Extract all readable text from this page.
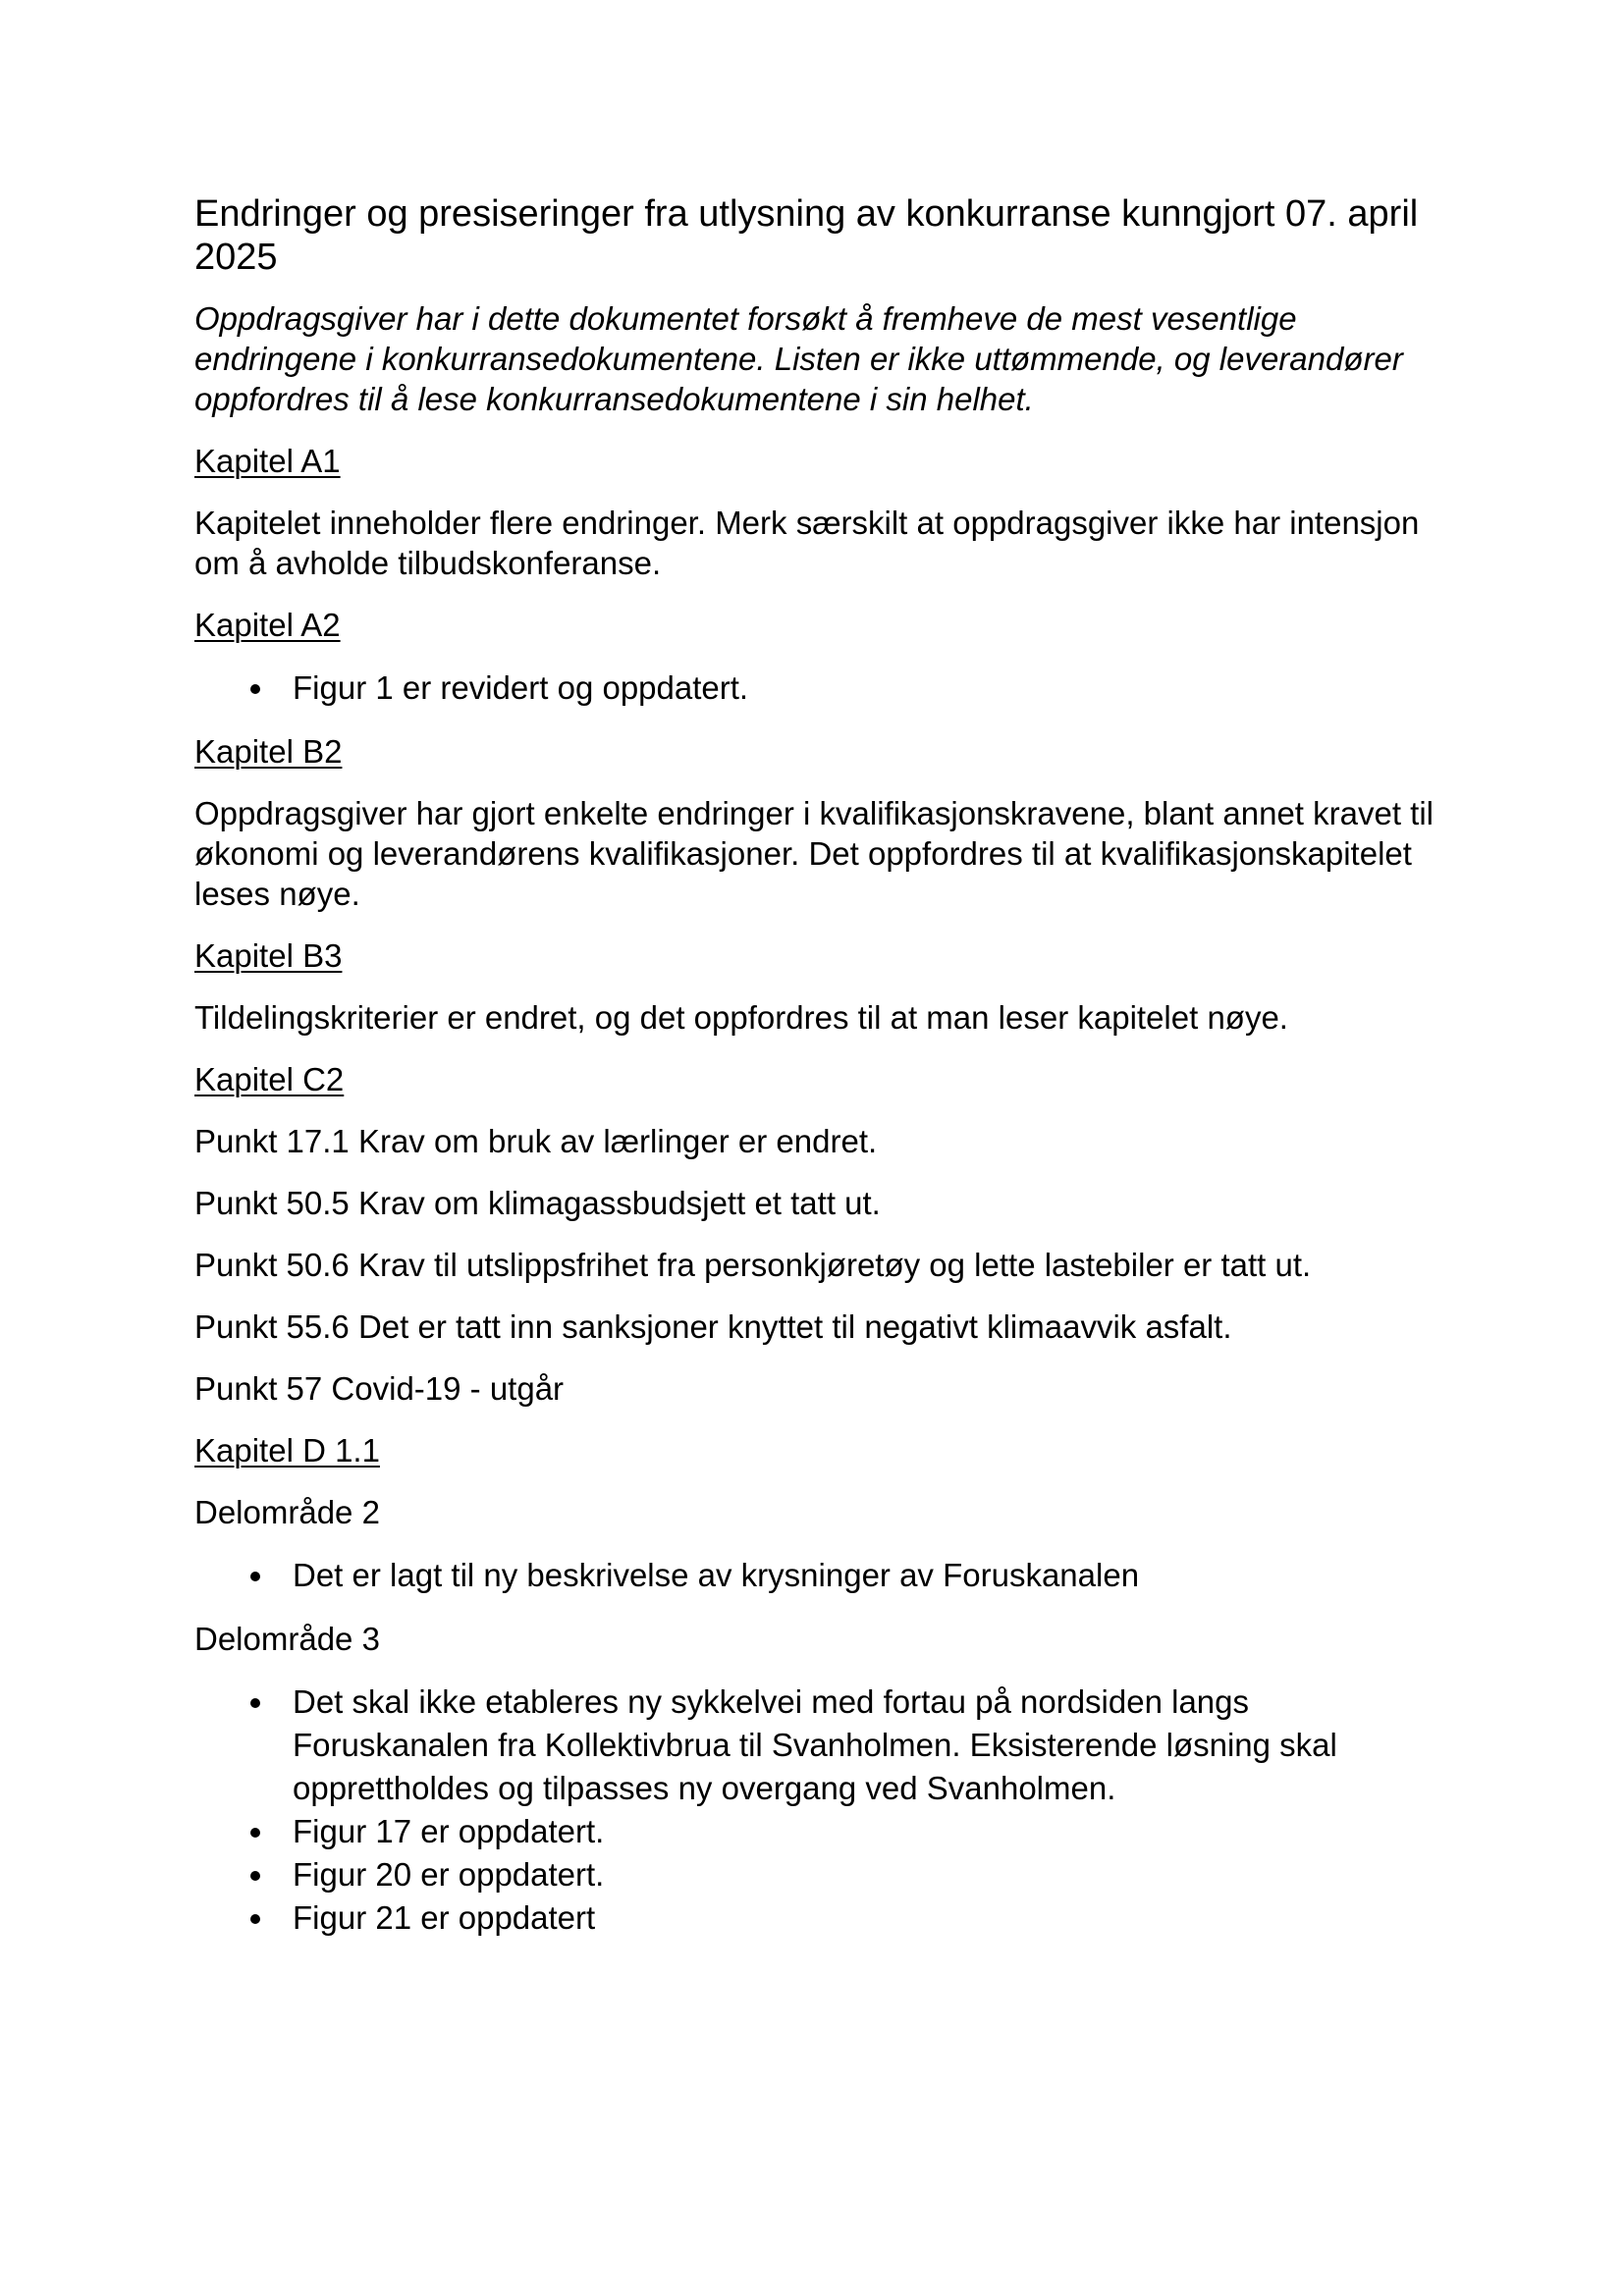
Endringer og presiseringer fra utlysning av konkurranse kunngjort 07. april 2025

Oppdragsgiver har i dette dokumentet forsøkt å fremheve de mest vesentlige endringene i konkurransedokumentene. Listen er ikke uttømmende, og leverandører oppfordres til å lese konkurransedokumentene i sin helhet.

Kapitel A1

Kapitelet inneholder flere endringer. Merk særskilt at oppdragsgiver ikke har intensjon om å avholde tilbudskonferanse.

Kapitel A2
Figur 1 er revidert og oppdatert.
Kapitel B2

Oppdragsgiver har gjort enkelte endringer i kvalifikasjonskravene, blant annet kravet til økonomi og leverandørens kvalifikasjoner. Det oppfordres til at kvalifikasjonskapitelet leses nøye.

Kapitel B3

Tildelingskriterier er endret, og det oppfordres til at man leser kapitelet nøye.

Kapitel C2

Punkt 17.1 Krav om bruk av lærlinger er endret.

Punkt 50.5 Krav om klimagassbudsjett et tatt ut.

Punkt 50.6 Krav til utslippsfrihet fra personkjøretøy og lette lastebiler er tatt ut.

Punkt 55.6 Det er tatt inn sanksjoner knyttet til negativt klimaavvik asfalt.

Punkt 57 Covid-19 - utgår

Kapitel D 1.1

Delområde 2

Det er lagt til ny beskrivelse av krysninger av Foruskanalen

Delområde 3

Det skal ikke etableres ny sykkelvei med fortau på nordsiden langs Foruskanalen fra Kollektivbrua til Svanholmen. Eksisterende løsning skal opprettholdes og tilpasses ny overgang ved Svanholmen.
Figur 17 er oppdatert.
Figur 20 er oppdatert.
Figur 21 er oppdatert
